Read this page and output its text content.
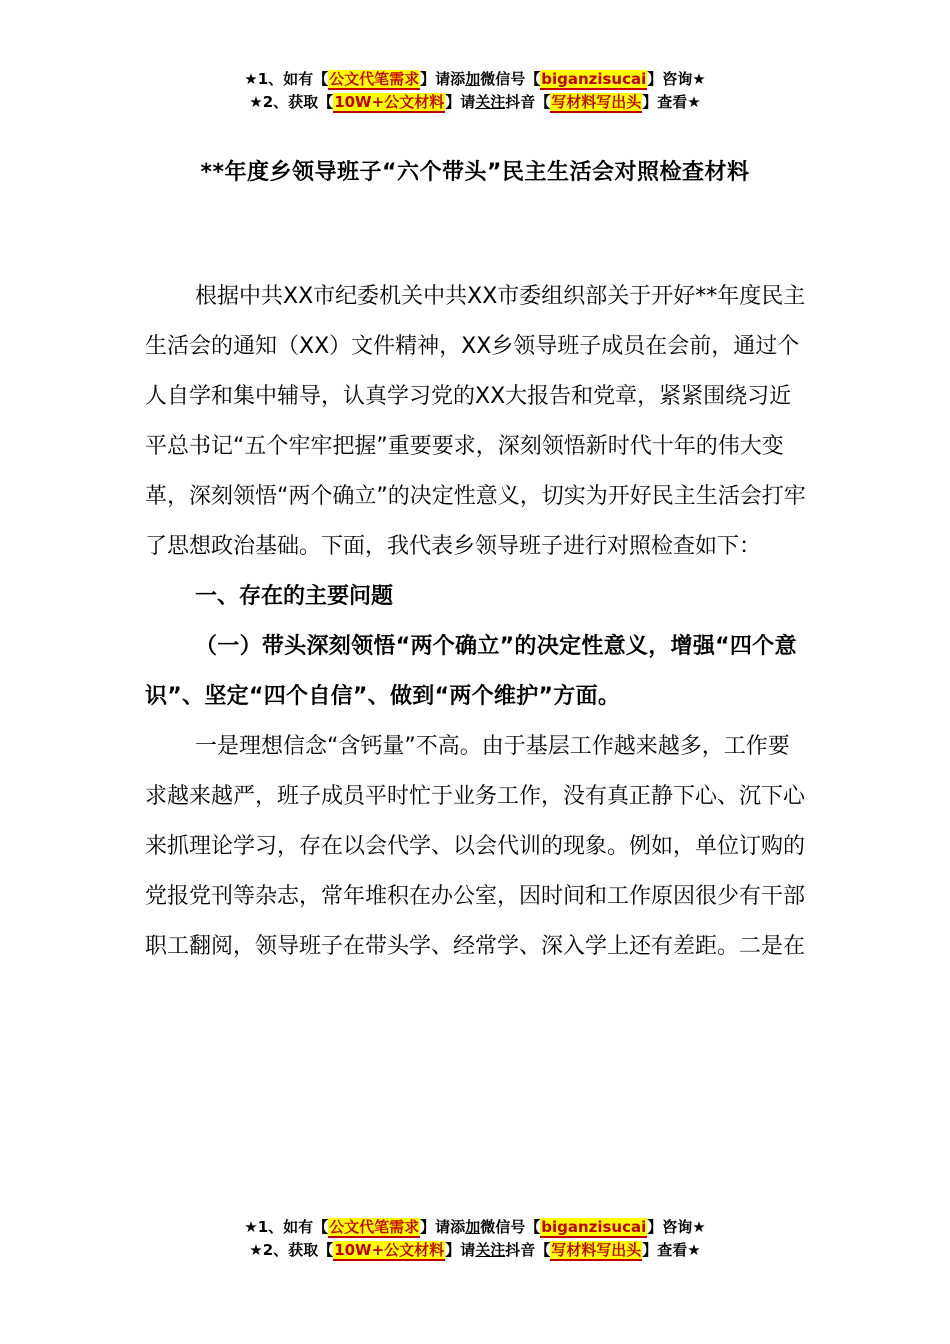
★1、如有【公文代笔需求】请添加微信号【biganzisucai】咨询★
★2、获取【10W+公文材料】请关注抖音【写材料写出头】查看★
**年度乡领导班子“六个带头”民主生活会对照检查材料

根据中共XX市纪委机关中共XX市委组织部关于开好**年度民主生活会的通知（XX）文件精神，XX乡领导班子成员在会前，通过个人自学和集中辅导，认真学习党的XX大报告和党章，紧紧围绕习近平总书记“五个牢牢把握”重要要求，深刻领悟新时代十年的伟大变革，深刻领悟“两个确立”的决定性意义，切实为开好民主生活会打牢了思想政治基础。下面，我代表乡领导班子进行对照检查如下：

一、存在的主要问题

（一）带头深刻领悟“两个确立”的决定性意义，增强“四个意识”、坚定“四个自信”、做到“两个维护”方面。

一是理想信念“含钙量”不高。由于基层工作越来越多，工作要求越来越严，班子成员平时忙于业务工作，没有真正静下心、沉下心来抓理论学习，存在以会代学、以会代训的现象。例如，单位订购的党报党刊等杂志，常年堆积在办公室，因时间和工作原因很少有干部职工翻阅，领导班子在带头学、经常学、深入学上还有差距。二是在

★1、如有【公文代笔需求】请添加微信号【biganzisucai】咨询★
★2、获取【10W+公文材料】请关注抖音【写材料写出头】查看★
